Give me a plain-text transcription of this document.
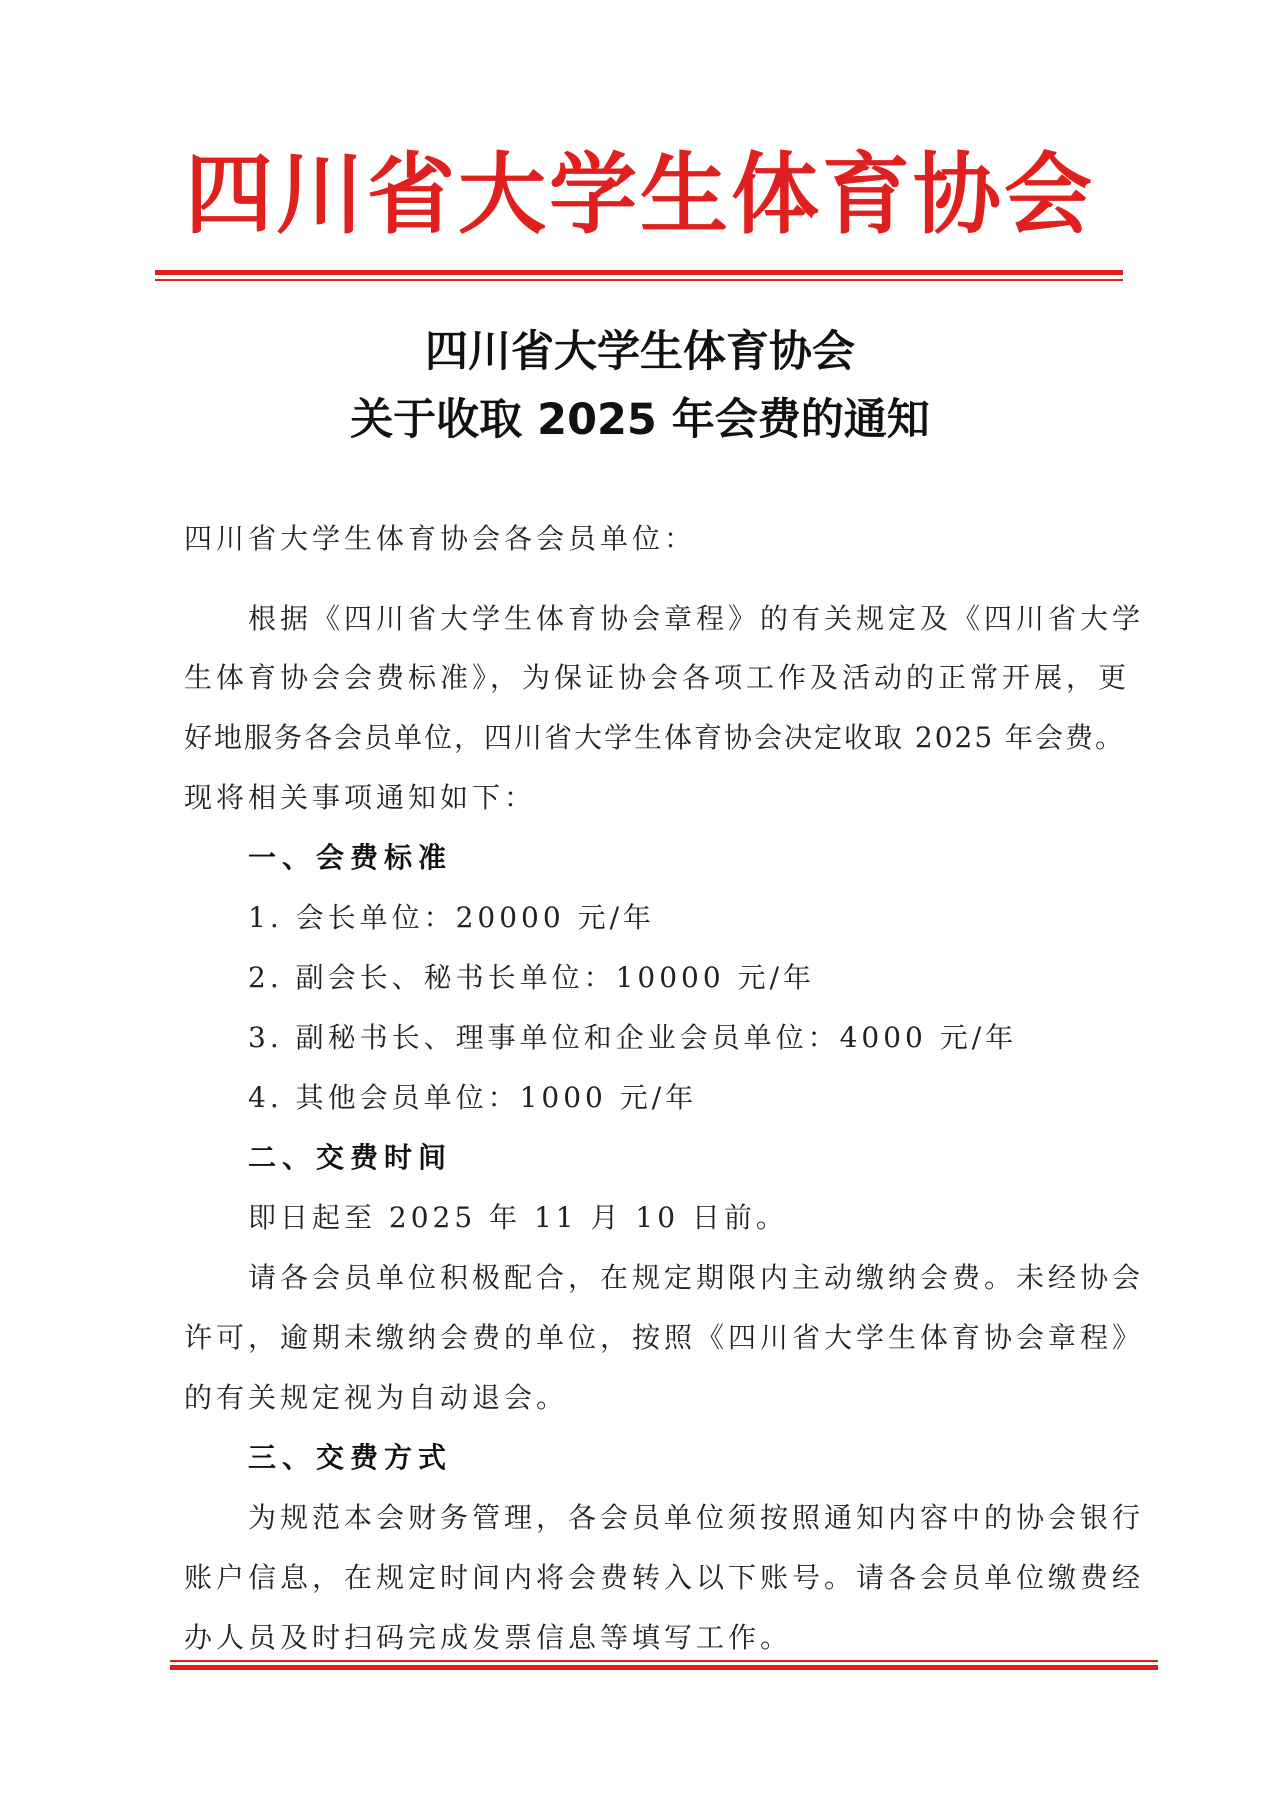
四川省大学生体育协会
四川省大学生体育协会
关于收取 2025 年会费的通知
四川省大学生体育协会各会员单位：
根据《四川省大学生体育协会章程》的有关规定及《四川省大学
生体育协会会费标准》，为保证协会各项工作及活动的正常开展，更
好地服务各会员单位，四川省大学生体育协会决定收取 2025 年会费。
现将相关事项通知如下：
一、会费标准
1. 会长单位：20000 元/年
2. 副会长、秘书长单位：10000 元/年
3. 副秘书长、理事单位和企业会员单位：4000 元/年
4. 其他会员单位：1000 元/年
二、交费时间
即日起至 2025 年 11 月 10 日前。
请各会员单位积极配合，在规定期限内主动缴纳会费。未经协会
许可，逾期未缴纳会费的单位，按照《四川省大学生体育协会章程》
的有关规定视为自动退会。
三、交费方式
为规范本会财务管理，各会员单位须按照通知内容中的协会银行
账户信息，在规定时间内将会费转入以下账号。请各会员单位缴费经
办人员及时扫码完成发票信息等填写工作。
